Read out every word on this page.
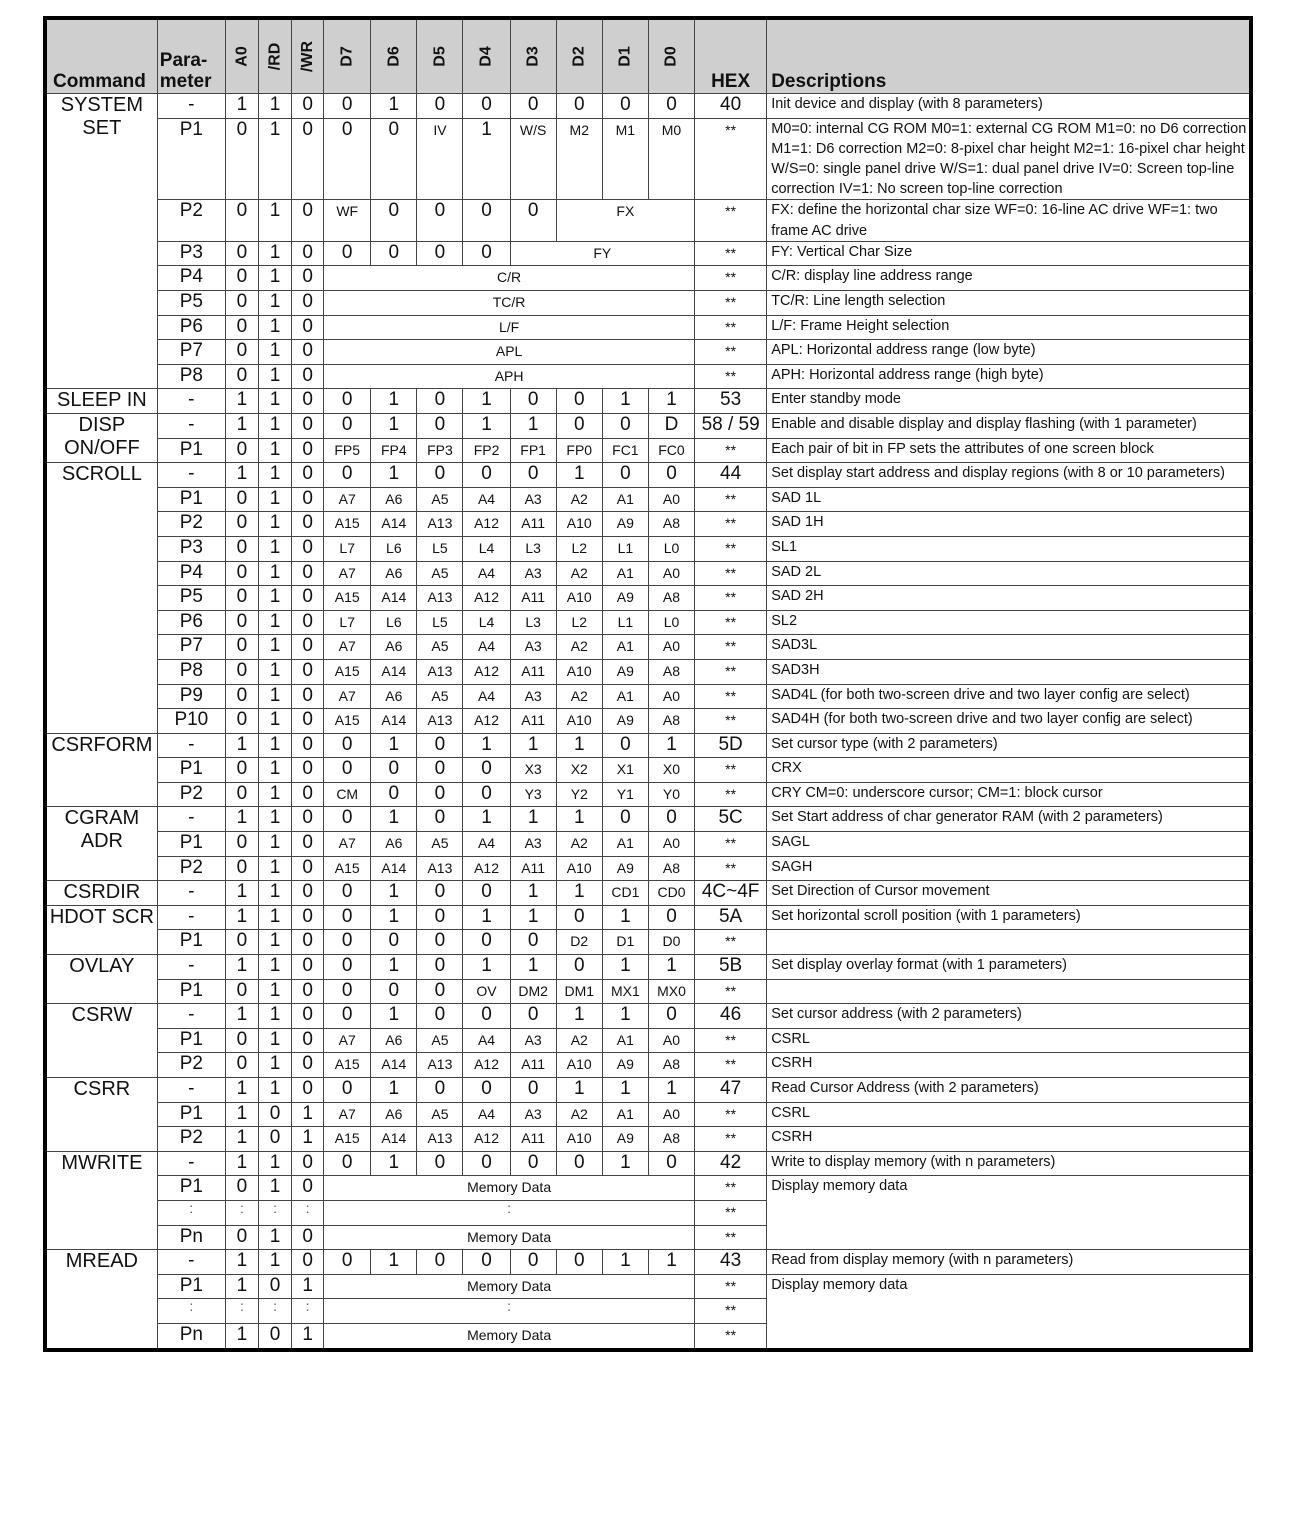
Command	Para-
meter	A0	/RD	/WR	D7	D6	D5	D4	D3	D2	D1	D0	HEX	Descriptions
SYSTEM
SET	-	1	1	0	0	1	0	0	0	0	0	0	40	Init device and display (with 8 parameters)
	P1	0	1	0	0	0	IV	1	W/S	M2	M1	M0	**	M0=0: internal CG ROM M0=1: external CG ROM M1=0: no D6 correction M1=1: D6 correction M2=0: 8-pixel char height M2=1: 16-pixel char height W/S=0: single panel drive W/S=1: dual panel drive IV=0: Screen top-line correction IV=1: No screen top-line correction
	P2	0	1	0	WF	0	0	0	0	FX			**	FX: define the horizontal char size WF=0: 16-line AC drive WF=1: two frame AC drive
	P3	0	1	0	0	0	0	0	FY				**	FY: Vertical Char Size
	P4	0	1	0	C/R								**	C/R: display line address range
	P5	0	1	0	TC/R								**	TC/R: Line length selection
	P6	0	1	0	L/F								**	L/F: Frame Height selection
	P7	0	1	0	APL								**	APL: Horizontal address range (low byte)
	P8	0	1	0	APH								**	APH: Horizontal address range (high byte)
SLEEP IN	-	1	1	0	0	1	0	1	0	0	1	1	53	Enter standby mode
DISP
ON/OFF	-	1	1	0	0	1	0	1	1	0	0	D	58 / 59	Enable and disable display and display flashing (with 1 parameter)
	P1	0	1	0	FP5	FP4	FP3	FP2	FP1	FP0	FC1	FC0	**	Each pair of bit in FP sets the attributes of one screen block
SCROLL	-	1	1	0	0	1	0	0	0	1	0	0	44	Set display start address and display regions (with 8 or 10 parameters)
	P1	0	1	0	A7	A6	A5	A4	A3	A2	A1	A0	**	SAD 1L
	P2	0	1	0	A15	A14	A13	A12	A11	A10	A9	A8	**	SAD 1H
	P3	0	1	0	L7	L6	L5	L4	L3	L2	L1	L0	**	SL1
	P4	0	1	0	A7	A6	A5	A4	A3	A2	A1	A0	**	SAD 2L
	P5	0	1	0	A15	A14	A13	A12	A11	A10	A9	A8	**	SAD 2H
	P6	0	1	0	L7	L6	L5	L4	L3	L2	L1	L0	**	SL2
	P7	0	1	0	A7	A6	A5	A4	A3	A2	A1	A0	**	SAD3L
	P8	0	1	0	A15	A14	A13	A12	A11	A10	A9	A8	**	SAD3H
	P9	0	1	0	A7	A6	A5	A4	A3	A2	A1	A0	**	SAD4L (for both two-screen drive and two layer config are select)
	P10	0	1	0	A15	A14	A13	A12	A11	A10	A9	A8	**	SAD4H (for both two-screen drive and two layer config are select)
CSRFORM	-	1	1	0	0	1	0	1	1	1	0	1	5D	Set cursor type (with 2 parameters)
	P1	0	1	0	0	0	0	0	X3	X2	X1	X0	**	CRX
	P2	0	1	0	CM	0	0	0	Y3	Y2	Y1	Y0	**	CRY CM=0: underscore cursor; CM=1: block cursor
CGRAM
ADR	-	1	1	0	0	1	0	1	1	1	0	0	5C	Set Start address of char generator RAM (with 2 parameters)
	P1	0	1	0	A7	A6	A5	A4	A3	A2	A1	A0	**	SAGL
	P2	0	1	0	A15	A14	A13	A12	A11	A10	A9	A8	**	SAGH
CSRDIR	-	1	1	0	0	1	0	0	1	1	CD1	CD0	4C~4F	Set Direction of Cursor movement
HDOT SCR	-	1	1	0	0	1	0	1	1	0	1	0	5A	Set horizontal scroll position (with 1 parameters)
	P1	0	1	0	0	0	0	0	0	D2	D1	D0	**	
OVLAY	-	1	1	0	0	1	0	1	1	0	1	1	5B	Set display overlay format (with 1 parameters)
	P1	0	1	0	0	0	0	OV	DM2	DM1	MX1	MX0	**	
CSRW	-	1	1	0	0	1	0	0	0	1	1	0	46	Set cursor address (with 2 parameters)
	P1	0	1	0	A7	A6	A5	A4	A3	A2	A1	A0	**	CSRL
	P2	0	1	0	A15	A14	A13	A12	A11	A10	A9	A8	**	CSRH
CSRR	-	1	1	0	0	1	0	0	0	1	1	1	47	Read Cursor Address (with 2 parameters)
	P1	1	0	1	A7	A6	A5	A4	A3	A2	A1	A0	**	CSRL
	P2	1	0	1	A15	A14	A13	A12	A11	A10	A9	A8	**	CSRH
MWRITE	-	1	1	0	0	1	0	0	0	0	1	0	42	Write to display memory (with n parameters)
	P1	0	1	0	Memory Data								**	Display memory data
	:	:	:	:	:								**	
	Pn	0	1	0	Memory Data								**	
MREAD	-	1	1	0	0	1	0	0	0	0	1	1	43	Read from display memory (with n parameters)
	P1	1	0	1	Memory Data								**	Display memory data
	:	:	:	:	:								**	
	Pn	1	0	1	Memory Data								**	
